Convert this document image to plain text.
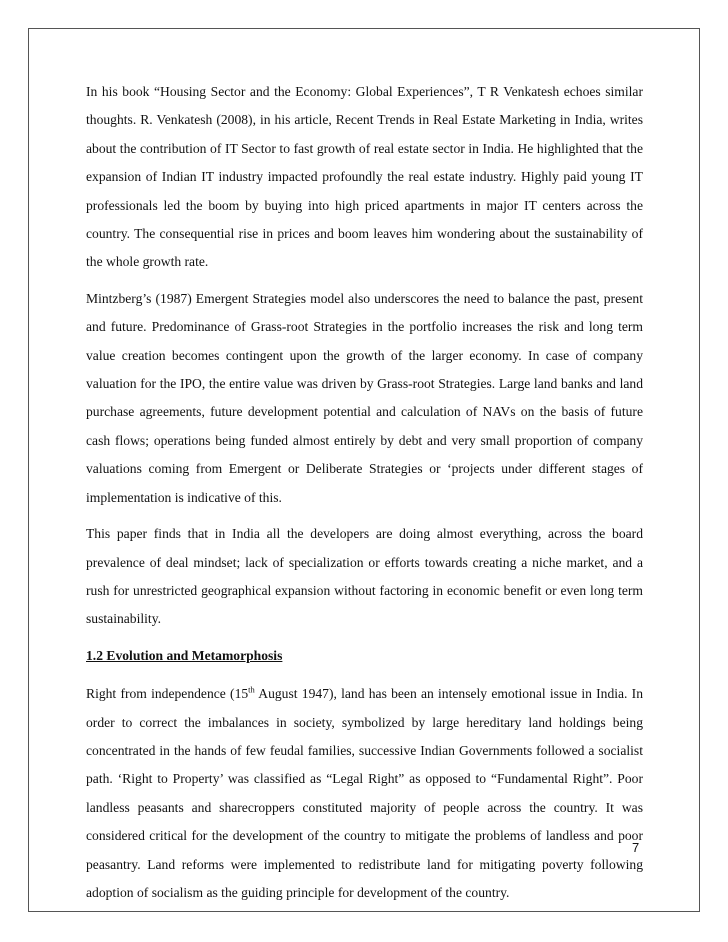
In his book “Housing Sector and the Economy: Global Experiences”, T R Venkatesh echoes similar thoughts. R. Venkatesh (2008), in his article, Recent Trends in Real Estate Marketing in India, writes about the contribution of IT Sector to fast growth of real estate sector in India. He highlighted that the expansion of Indian IT industry impacted profoundly the real estate industry. Highly paid young IT professionals led the boom by buying into high priced apartments in major IT centers across the country. The consequential rise in prices and boom leaves him wondering about the sustainability of the whole growth rate.

Mintzberg’s (1987) Emergent Strategies model also underscores the need to balance the past, present and future. Predominance of Grass-root Strategies in the portfolio increases the risk and long term value creation becomes contingent upon the growth of the larger economy. In case of company valuation for the IPO, the entire value was driven by Grass-root Strategies. Large land banks and land purchase agreements, future development potential and calculation of NAVs on the basis of future cash flows; operations being funded almost entirely by debt and very small proportion of company valuations coming from Emergent or Deliberate Strategies or ‘projects under different stages of implementation is indicative of this.

This paper finds that in India all the developers are doing almost everything, across the board prevalence of deal mindset; lack of specialization or efforts towards creating a niche market, and a rush for unrestricted geographical expansion without factoring in economic benefit or even long term sustainability.

1.2 Evolution and Metamorphosis

Right from independence (15th August 1947), land has been an intensely emotional issue in India. In order to correct the imbalances in society, symbolized by large hereditary land holdings being concentrated in the hands of few feudal families, successive Indian Governments followed a socialist path. ‘Right to Property’ was classified as “Legal Right” as opposed to “Fundamental Right”. Poor landless peasants and sharecroppers constituted majority of people across the country. It was considered critical for the development of the country to mitigate the problems of landless and poor peasantry. Land reforms were implemented to redistribute land for mitigating poverty following adoption of socialism as the guiding principle for development of the country.

7
